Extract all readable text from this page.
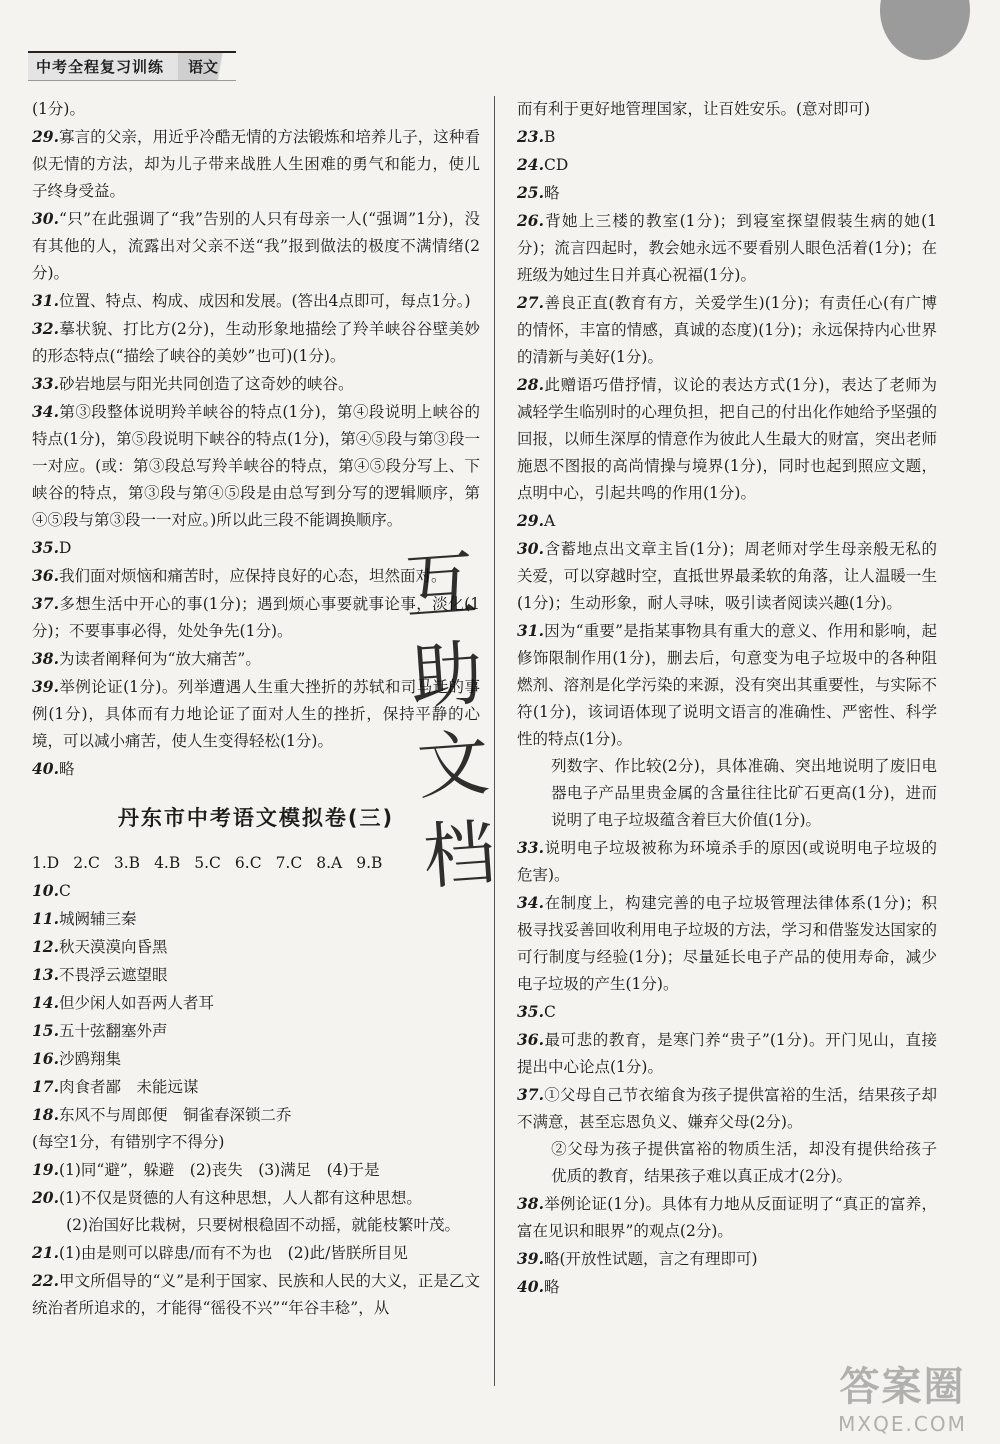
中考全程复习训练	语文

(1分)。

29.寡言的父亲，用近乎冷酷无情的方法锻炼和培养儿子，这种看似无情的方法，却为儿子带来战胜人生困难的勇气和能力，使儿子终身受益。

30.“只”在此强调了“我”告别的人只有母亲一人(“强调”1分)，没有其他的人，流露出对父亲不送“我”报到做法的极度不满情绪(2分)。

31.位置、特点、构成、成因和发展。(答出4点即可，每点1分。)

32.摹状貌、打比方(2分)，生动形象地描绘了羚羊峡谷谷壁美妙的形态特点(“描绘了峡谷的美妙”也可)(1分)。

33.砂岩地层与阳光共同创造了这奇妙的峡谷。

34.第③段整体说明羚羊峡谷的特点(1分)，第④段说明上峡谷的特点(1分)，第⑤段说明下峡谷的特点(1分)，第④⑤段与第③段一一对应。(或：第③段总写羚羊峡谷的特点，第④⑤段分写上、下峡谷的特点，第③段与第④⑤段是由总写到分写的逻辑顺序，第④⑤段与第③段一一对应。)所以此三段不能调换顺序。

35.D

36.我们面对烦恼和痛苦时，应保持良好的心态，坦然面对。

37.多想生活中开心的事(1分)；遇到烦心事要就事论事，淡化(1分)；不要事事必得，处处争先(1分)。

38.为读者阐释何为“放大痛苦”。

39.举例论证(1分)。列举遭遇人生重大挫折的苏轼和司马迁的事例(1分)，具体而有力地论证了面对人生的挫折，保持平静的心境，可以减小痛苦，使人生变得轻松(1分)。

40.略

丹东市中考语文模拟卷(三)

1.D 2.C 3.B 4.B 5.C 6.C 7.C 8.A 9.B

10.C

11.城阙辅三秦

12.秋天漠漠向昏黑

13.不畏浮云遮望眼

14.但少闲人如吾两人者耳

15.五十弦翻塞外声

16.沙鸥翔集

17.肉食者鄙　未能远谋

18.东风不与周郎便　铜雀春深锁二乔

(每空1分，有错别字不得分)

19.(1)同“避”，躲避　(2)丧失　(3)满足　(4)于是

20.(1)不仅是贤德的人有这种思想，人人都有这种思想。

(2)治国好比栽树，只要树根稳固不动摇，就能枝繁叶茂。

21.(1)由是则可以辟患/而有不为也　(2)此/皆朕所目见

22.甲文所倡导的“义”是利于国家、民族和人民的大义，正是乙文统治者所追求的，才能得“徭役不兴”“年谷丰稔”，从

而有利于更好地管理国家，让百姓安乐。(意对即可)

23.B

24.CD

25.略

26.背她上三楼的教室(1分)；到寝室探望假装生病的她(1分)；流言四起时，教会她永远不要看别人眼色活着(1分)；在班级为她过生日并真心祝福(1分)。

27.善良正直(教育有方，关爱学生)(1分)；有责任心(有广博的情怀，丰富的情感，真诚的态度)(1分)；永远保持内心世界的清新与美好(1分)。

28.此赠语巧借抒情，议论的表达方式(1分)，表达了老师为减轻学生临别时的心理负担，把自己的付出化作她给予坚强的回报，以师生深厚的情意作为彼此人生最大的财富，突出老师施恩不图报的高尚情操与境界(1分)，同时也起到照应文题，点明中心，引起共鸣的作用(1分)。

29.A

30.含蓄地点出文章主旨(1分)；周老师对学生母亲般无私的关爱，可以穿越时空，直抵世界最柔软的角落，让人温暖一生(1分)；生动形象，耐人寻味，吸引读者阅读兴趣(1分)。

31.因为“重要”是指某事物具有重大的意义、作用和影响，起修饰限制作用(1分)，删去后，句意变为电子垃圾中的各种阻燃剂、溶剂是化学污染的来源，没有突出其重要性，与实际不符(1分)，该词语体现了说明文语言的准确性、严密性、科学性的特点(1分)。

列数字、作比较(2分)，具体准确、突出地说明了废旧电器电子产品里贵金属的含量往往比矿石更高(1分)，进而说明了电子垃圾蕴含着巨大价值(1分)。

33.说明电子垃圾被称为环境杀手的原因(或说明电子垃圾的危害)。

34.在制度上，构建完善的电子垃圾管理法律体系(1分)；积极寻找妥善回收利用电子垃圾的方法，学习和借鉴发达国家的可行制度与经验(1分)；尽量延长电子产品的使用寿命，减少电子垃圾的产生(1分)。

35.C

36.最可悲的教育，是寒门养“贵子”(1分)。开门见山，直接提出中心论点(1分)。

37.①父母自己节衣缩食为孩子提供富裕的生活，结果孩子却不满意，甚至忘恩负义、嫌弃父母(2分)。

②父母为孩子提供富裕的物质生活，却没有提供给孩子优质的教育，结果孩子难以真正成才(2分)。

38.举例论证(1分)。具体有力地从反面证明了“真正的富养，富在见识和眼界”的观点(2分)。

39.略(开放性试题，言之有理即可)

40.略

互
助
文
档
答案圈
MXQE.COM
